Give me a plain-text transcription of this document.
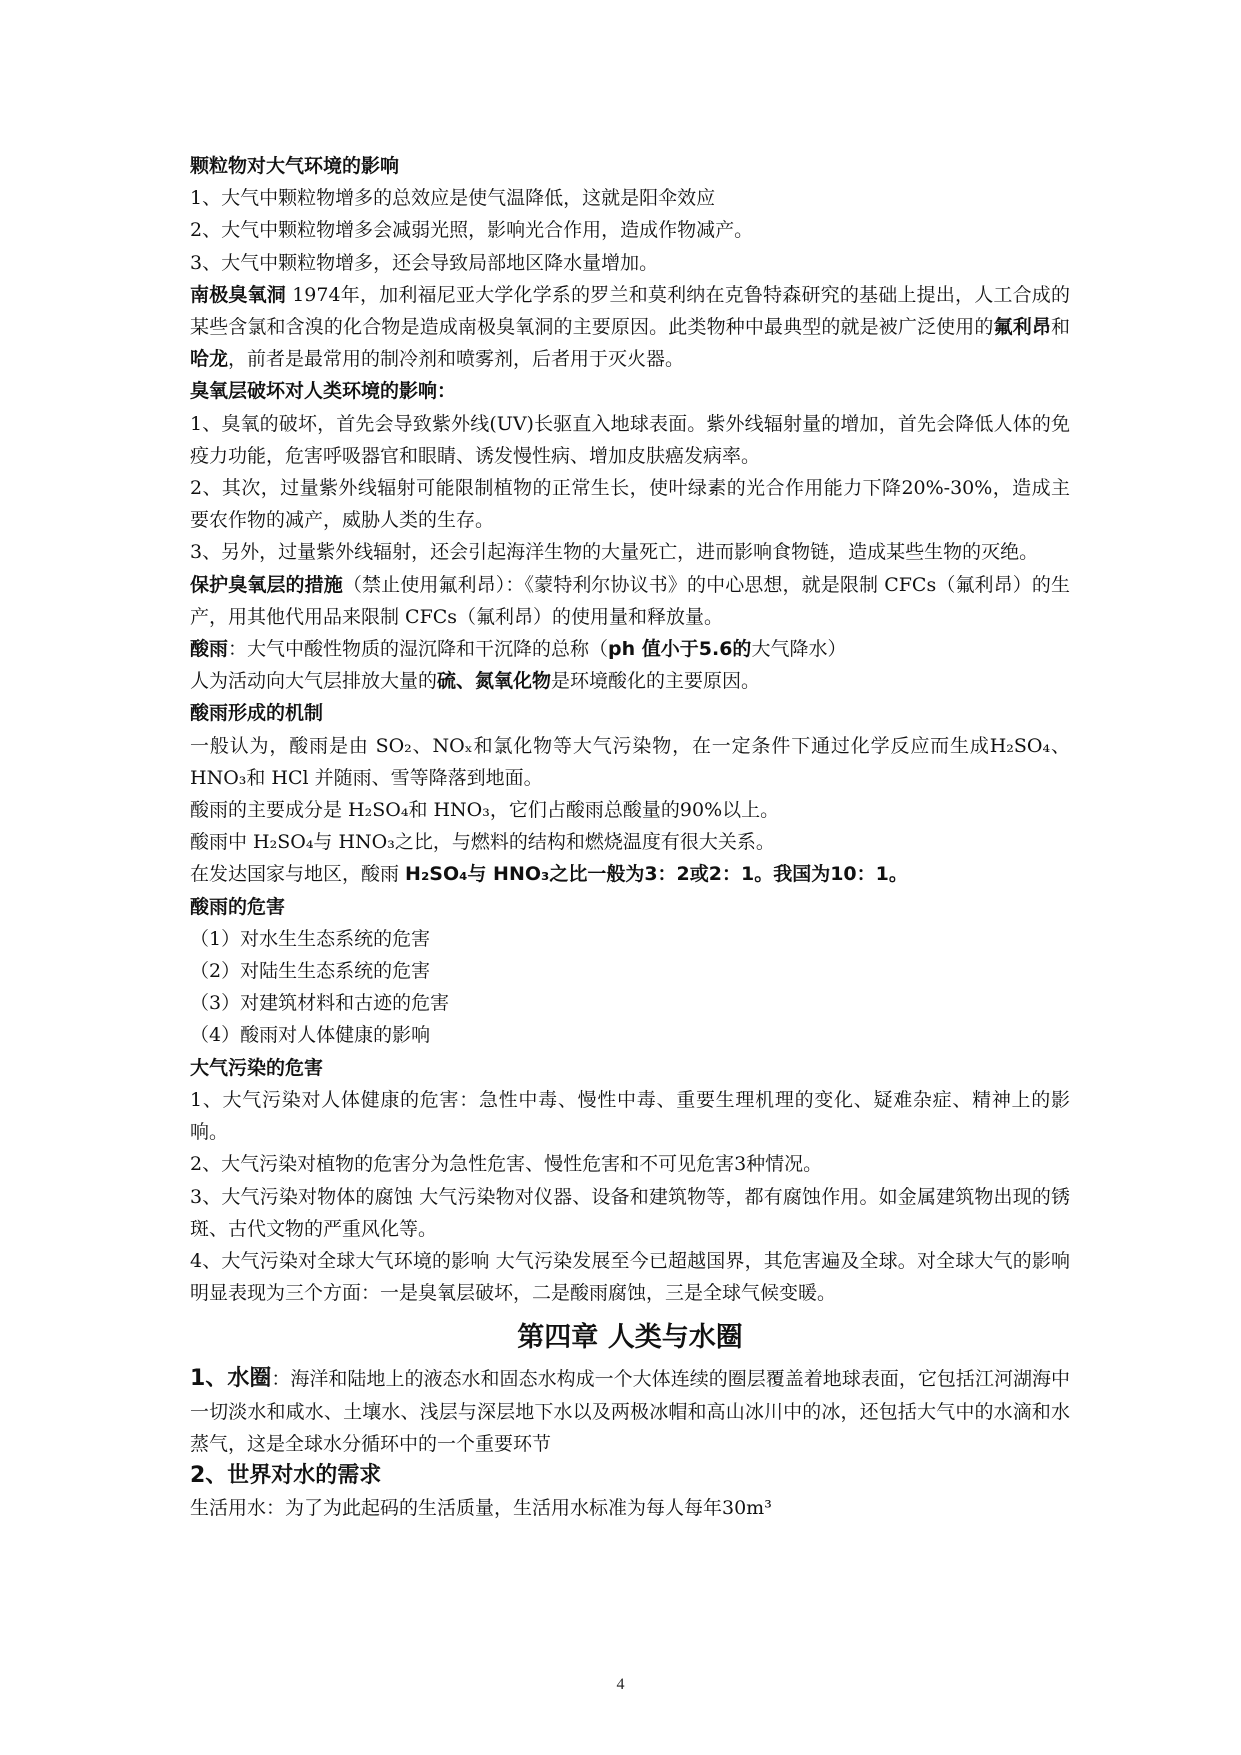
颗粒物对大气环境的影响

1、大气中颗粒物增多的总效应是使气温降低，这就是阳伞效应

2、大气中颗粒物增多会减弱光照，影响光合作用，造成作物减产。

3、大气中颗粒物增多，还会导致局部地区降水量增加。

南极臭氧洞 1974年，加利福尼亚大学化学系的罗兰和莫利纳在克鲁特森研究的基础上提出，人工合成的某些含氯和含溴的化合物是造成南极臭氧洞的主要原因。此类物种中最典型的就是被广泛使用的氟利昂和哈龙，前者是最常用的制冷剂和喷雾剂，后者用于灭火器。

臭氧层破坏对人类环境的影响：

1、臭氧的破坏，首先会导致紫外线(UV)长驱直入地球表面。紫外线辐射量的增加，首先会降低人体的免疫力功能，危害呼吸器官和眼睛、诱发慢性病、增加皮肤癌发病率。

2、其次，过量紫外线辐射可能限制植物的正常生长，使叶绿素的光合作用能力下降20%-30%，造成主要农作物的减产，威胁人类的生存。

3、另外，过量紫外线辐射，还会引起海洋生物的大量死亡，进而影响食物链，造成某些生物的灭绝。

保护臭氧层的措施（禁止使用氟利昂）：《蒙特利尔协议书》的中心思想，就是限制 CFCs（氟利昂）的生产，用其他代用品来限制 CFCs（氟利昂）的使用量和释放量。

酸雨：大气中酸性物质的湿沉降和干沉降的总称（ph 值小于5.6的大气降水）

人为活动向大气层排放大量的硫、氮氧化物是环境酸化的主要原因。

酸雨形成的机制

一般认为，酸雨是由 SO₂、NOₓ和氯化物等大气污染物，在一定条件下通过化学反应而生成H₂SO₄、HNO₃和 HCl 并随雨、雪等降落到地面。

酸雨的主要成分是 H₂SO₄和 HNO₃，它们占酸雨总酸量的90%以上。

酸雨中 H₂SO₄与 HNO₃之比，与燃料的结构和燃烧温度有很大关系。

在发达国家与地区，酸雨 H₂SO₄与 HNO₃之比一般为3：2或2：1。我国为10：1。

酸雨的危害

（1）对水生生态系统的危害

（2）对陆生生态系统的危害

（3）对建筑材料和古迹的危害

（4）酸雨对人体健康的影响

大气污染的危害

1、大气污染对人体健康的危害：急性中毒、慢性中毒、重要生理机理的变化、疑难杂症、精神上的影响。

2、大气污染对植物的危害分为急性危害、慢性危害和不可见危害3种情况。

3、大气污染对物体的腐蚀 大气污染物对仪器、设备和建筑物等，都有腐蚀作用。如金属建筑物出现的锈斑、古代文物的严重风化等。

4、大气污染对全球大气环境的影响 大气污染发展至今已超越国界，其危害遍及全球。对全球大气的影响明显表现为三个方面：一是臭氧层破坏，二是酸雨腐蚀，三是全球气候变暖。

第四章 人类与水圈

1、水圈：海洋和陆地上的液态水和固态水构成一个大体连续的圈层覆盖着地球表面，它包括江河湖海中一切淡水和咸水、土壤水、浅层与深层地下水以及两极冰帽和高山冰川中的冰，还包括大气中的水滴和水蒸气，这是全球水分循环中的一个重要环节

2、世界对水的需求

生活用水：为了为此起码的生活质量，生活用水标准为每人每年30m³

4
